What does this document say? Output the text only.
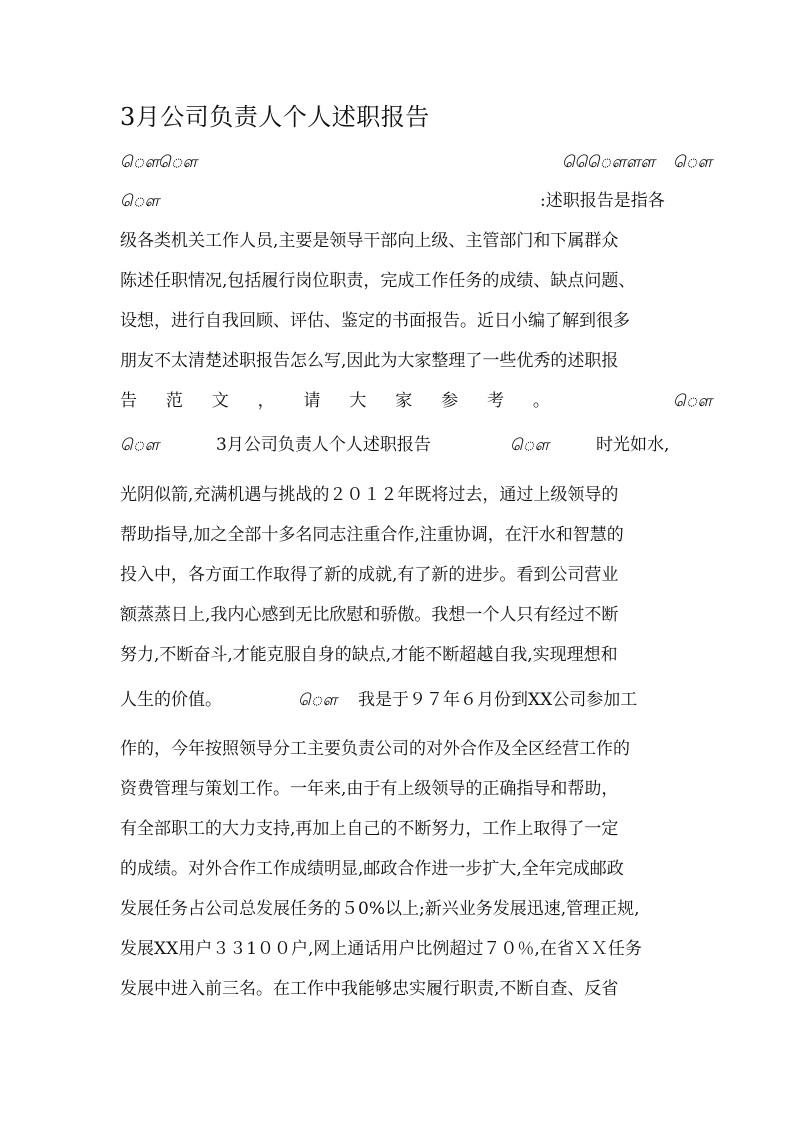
3月公司负责人个人述职报告
ௌ
ௌ	ௌௌௌ ௌ
ௌ	:述职报告是指各
级各类机关工作人员,主要是领导干部向上级、主管部门和下属群众
陈述任职情况,包括履行岗位职责，完成工作任务的成绩、缺点问题、
设想，进行自我回顾、评估、鉴定的书面报告。近日小编了解到很多
朋友不太清楚述职报告怎么写,因此为大家整理了一些优秀的述职报
告 范 文 ， 请 大 家 参 考 。	ௌ
ௌ	3月公司负责人个人述职报告	ௌ	时光如水,
光阴似箭,充满机遇与挑战的２０１２年既将过去，通过上级领导的
帮助指导,加之全部十多名同志注重合作,注重协调，在汗水和智慧的
投入中，各方面工作取得了新的成就,有了新的进步。看到公司营业
额蒸蒸日上,我内心感到无比欣慰和骄傲。我想一个人只有经过不断
努力,不断奋斗,才能克服自身的缺点,才能不断超越自我,实现理想和
人生的价值。	ௌ 我是于９７年６月份到XX公司参加工
作的，今年按照领导分工主要负责公司的对外合作及全区经营工作的
资费管理与策划工作。一年来,由于有上级领导的正确指导和帮助，
有全部职工的大力支持,再加上自己的不断努力，工作上取得了一定
的成绩。对外合作工作成绩明显,邮政合作进一步扩大,全年完成邮政
发展任务占公司总发展任务的５0%以上;新兴业务发展迅速,管理正规,
发展XX用户３３1００户,网上通话用户比例超过７０％,在省ＸＸ任务
发展中进入前三名。在工作中我能够忠实履行职责,不断自查、反省
